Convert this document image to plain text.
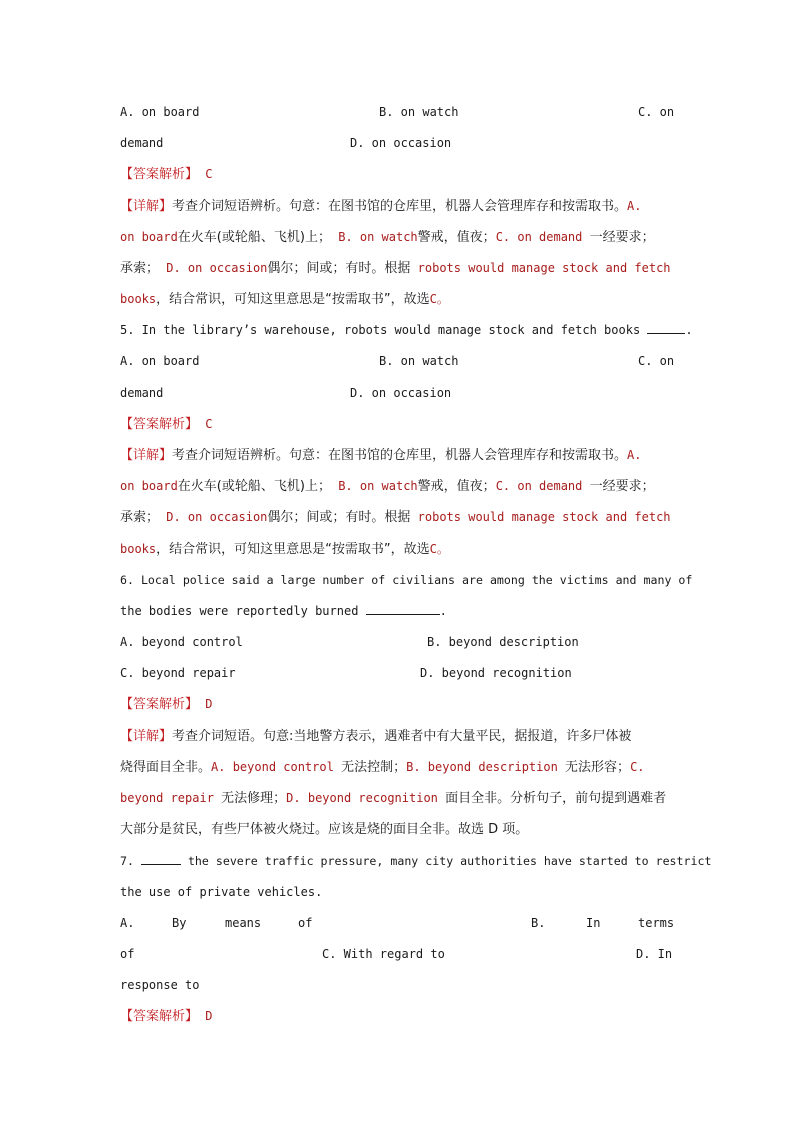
A. on board	B. on watch	C. on
demand	D. on occasion
【答案解析】 C
【详解】考查介词短语辨析。句意：在图书馆的仓库里，机器人会管理库存和按需取书。A.
on board在火车(或轮船、飞机)上； B. on watch警戒，值夜；C. on demand 一经要求；
承索； D. on occasion偶尔；间或；有时。根据 robots would manage stock and fetch
books，结合常识，可知这里意思是“按需取书”，故选C。
5. In the library’s warehouse, robots would manage stock and fetch books	.
A. on board	B. on watch	C. on
demand	D. on occasion
【答案解析】 C
【详解】考查介词短语辨析。句意：在图书馆的仓库里，机器人会管理库存和按需取书。A.
on board在火车(或轮船、飞机)上； B. on watch警戒，值夜；C. on demand 一经要求；
承索； D. on occasion偶尔；间或；有时。根据 robots would manage stock and fetch
books，结合常识，可知这里意思是“按需取书”，故选C。
6. Local police said a large number of civilians are among the victims and many of
the bodies were reportedly burned	.
A. beyond control	B. beyond description
C. beyond repair	D. beyond recognition
【答案解析】 D
【详解】考查介词短语。句意:当地警方表示，遇难者中有大量平民，据报道，许多尸体被
烧得面目全非。A. beyond control 无法控制；B. beyond description 无法形容；C.
beyond repair 无法修理；D. beyond recognition 面目全非。分析句子，前句提到遇难者
大部分是贫民，有些尸体被火烧过。应该是烧的面目全非。故选 D 项。
7.	the severe traffic pressure, many city authorities have started to restrict
the use of private vehicles.
A.	By	means	of	B.	In	terms
of	C. With regard to	D. In
response to
【答案解析】 D
